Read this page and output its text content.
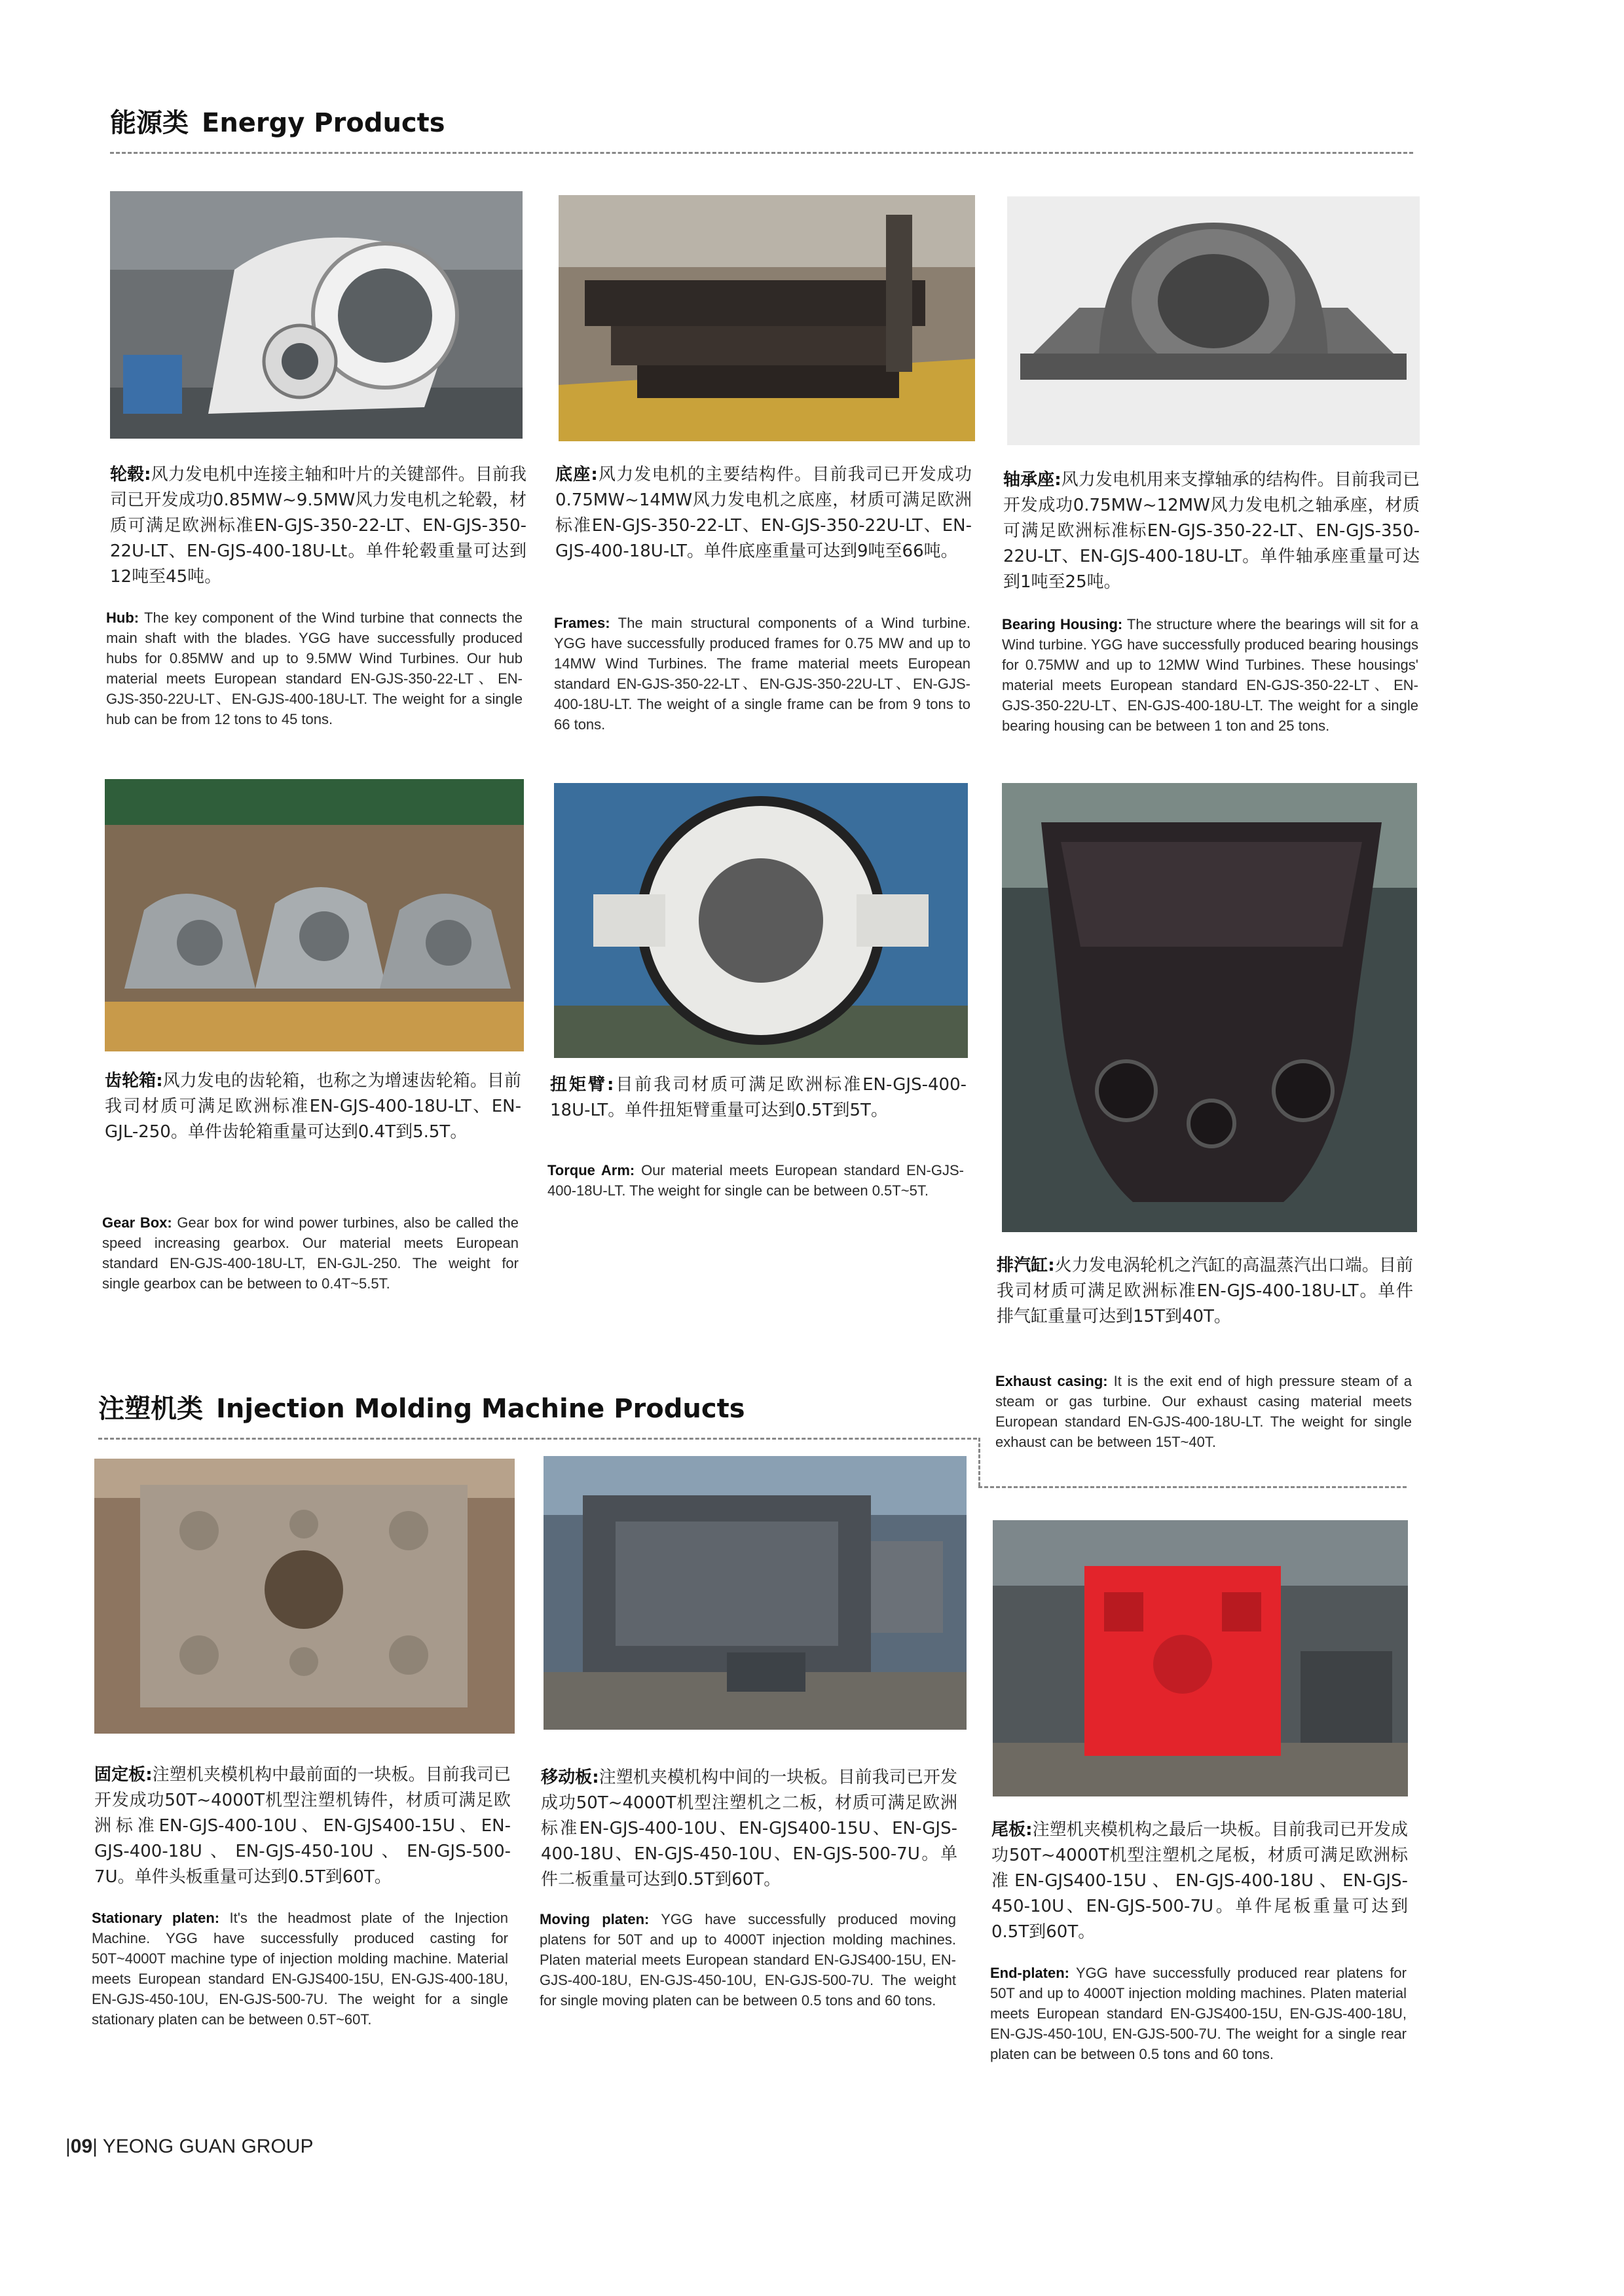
能源类 Energy Products

轮毂:风力发电机中连接主轴和叶片的关键部件。目前我司已开发成功0.85MW~9.5MW风力发电机之轮毂，材质可满足欧洲标准EN-GJS-350-22-LT、EN-GJS-350-22U-LT、EN-GJS-400-18U-Lt。单件轮毂重量可达到12吨至45吨。

底座:风力发电机的主要结构件。目前我司已开发成功0.75MW~14MW风力发电机之底座，材质可满足欧洲标准EN-GJS-350-22-LT、EN-GJS-350-22U-LT、EN-GJS-400-18U-LT。单件底座重量可达到9吨至66吨。

轴承座:风力发电机用来支撑轴承的结构件。目前我司已开发成功0.75MW~12MW风力发电机之轴承座，材质可满足欧洲标准标EN-GJS-350-22-LT、EN-GJS-350-22U-LT、EN-GJS-400-18U-LT。单件轴承座重量可达到1吨至25吨。

Hub: The key component of the Wind turbine that connects the main shaft with the blades. YGG have successfully produced hubs for 0.85MW and up to 9.5MW Wind Turbines. Our hub material meets European standard EN-GJS-350-22-LT、EN-GJS-350-22U-LT、EN-GJS-400-18U-LT. The weight for a single hub can be from 12 tons to 45 tons.

Frames: The main structural components of a Wind turbine. YGG have successfully produced frames for 0.75 MW and up to 14MW Wind Turbines. The frame material meets European standard EN-GJS-350-22-LT、EN-GJS-350-22U-LT、EN-GJS-400-18U-LT. The weight of a single frame can be from 9 tons to 66 tons.

Bearing Housing: The structure where the bearings will sit for a Wind turbine. YGG have successfully produced bearing housings for 0.75MW and up to 12MW Wind Turbines. These housings' material meets European standard EN-GJS-350-22-LT、EN-GJS-350-22U-LT、EN-GJS-400-18U-LT. The weight for a single bearing housing can be between 1 ton and 25 tons.

齿轮箱:风力发电的齿轮箱，也称之为增速齿轮箱。目前我司材质可满足欧洲标准EN-GJS-400-18U-LT、EN-GJL-250。单件齿轮箱重量可达到0.4T到5.5T。

扭矩臂:目前我司材质可满足欧洲标准EN-GJS-400-18U-LT。单件扭矩臂重量可达到0.5T到5T。

Gear Box: Gear box for wind power turbines, also be called the speed increasing gearbox. Our material meets European standard EN-GJS-400-18U-LT, EN-GJL-250. The weight for single gearbox can be between to 0.4T~5.5T.

Torque Arm: Our material meets European standard EN-GJS-400-18U-LT. The weight for single can be between 0.5T~5T.

排汽缸:火力发电涡轮机之汽缸的高温蒸汽出口端。目前我司材质可满足欧洲标准EN-GJS-400-18U-LT。单件排气缸重量可达到15T到40T。

Exhaust casing: It is the exit end of high pressure steam of a steam or gas turbine. Our exhaust casing material meets European standard EN-GJS-400-18U-LT. The weight for single exhaust can be between 15T~40T.

注塑机类 Injection Molding Machine Products

固定板:注塑机夹模机构中最前面的一块板。目前我司已开发成功50T~4000T机型注塑机铸件，材质可满足欧洲标准EN-GJS-400-10U、EN-GJS400-15U、EN-GJS-400-18U、EN-GJS-450-10U、EN-GJS-500-7U。单件头板重量可达到0.5T到60T。

移动板:注塑机夹模机构中间的一块板。目前我司已开发成功50T~4000T机型注塑机之二板，材质可满足欧洲标准EN-GJS-400-10U、EN-GJS400-15U、EN-GJS-400-18U、EN-GJS-450-10U、EN-GJS-500-7U。单件二板重量可达到0.5T到60T。

尾板:注塑机夹模机构之最后一块板。目前我司已开发成功50T~4000T机型注塑机之尾板，材质可满足欧洲标准EN-GJS400-15U、EN-GJS-400-18U、EN-GJS-450-10U、EN-GJS-500-7U。单件尾板重量可达到0.5T到60T。

Stationary platen: It's the headmost plate of the Injection Machine. YGG have successfully produced casting for 50T~4000T machine type of injection molding machine. Material meets European standard EN-GJS400-15U, EN-GJS-400-18U, EN-GJS-450-10U, EN-GJS-500-7U. The weight for a single stationary platen can be between 0.5T~60T.

Moving platen: YGG have successfully produced moving platens for 50T and up to 4000T injection molding machines. Platen material meets European standard EN-GJS400-15U, EN-GJS-400-18U, EN-GJS-450-10U, EN-GJS-500-7U. The weight for single moving platen can be between 0.5 tons and 60 tons.

End-platen: YGG have successfully produced rear platens for 50T and up to 4000T injection molding machines. Platen material meets European standard EN-GJS400-15U, EN-GJS-400-18U, EN-GJS-450-10U, EN-GJS-500-7U. The weight for a single rear platen can be between 0.5 tons and 60 tons.

|09| YEONG GUAN GROUP
